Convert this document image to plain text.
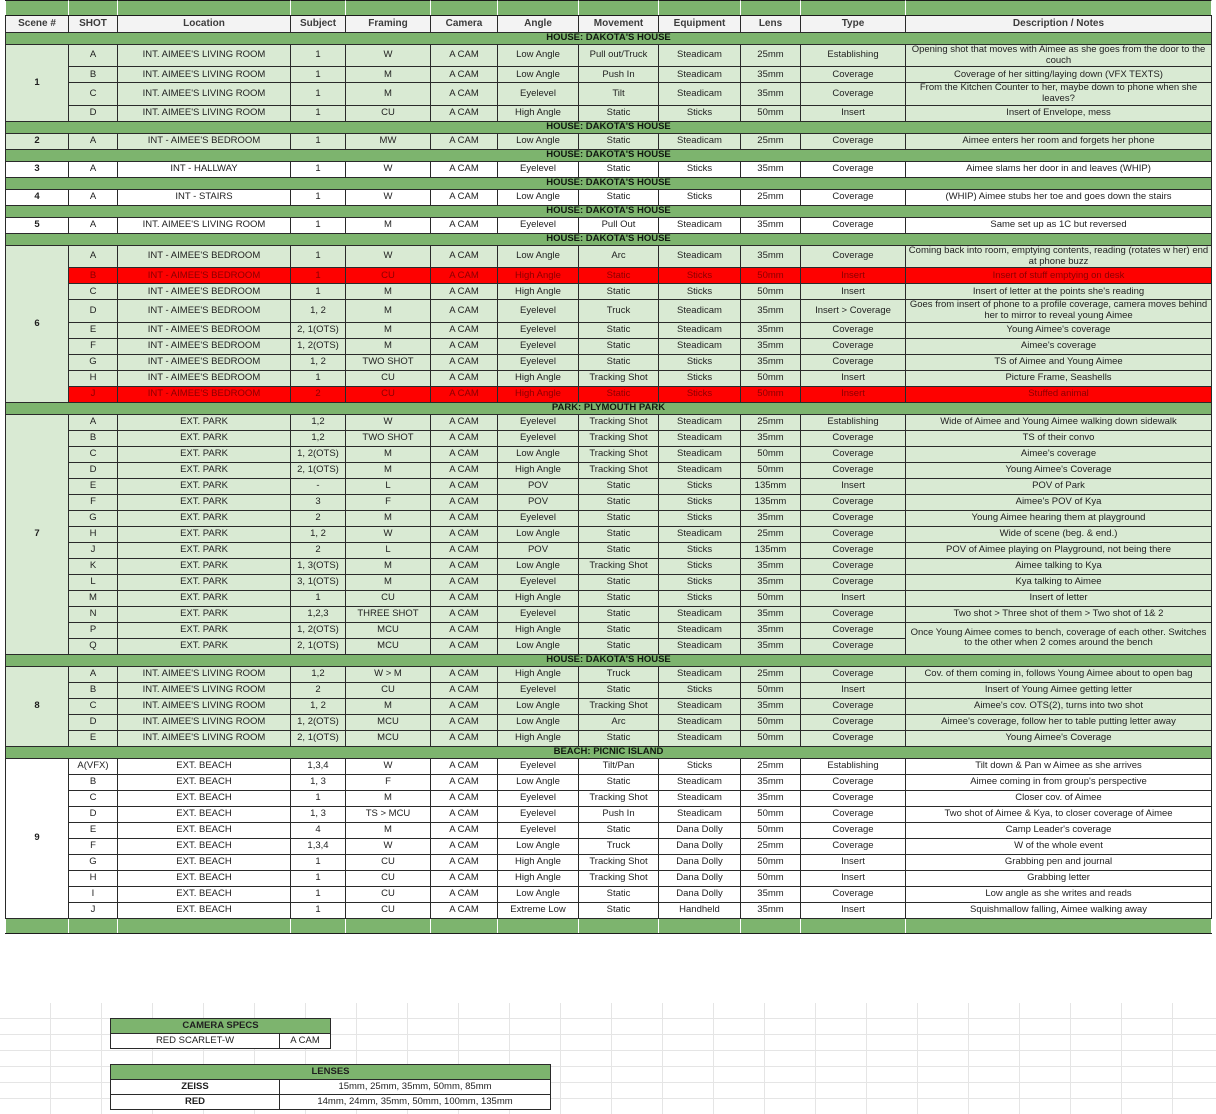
Scene #	SHOT	Location	Subject	Framing	Camera	Angle	Movement	Equipment	Lens	Type	Description / Notes
HOUSE: DAKOTA'S HOUSE											
1	A	INT. AIMEE'S LIVING ROOM	1	W	A CAM	Low Angle	Pull out/Truck	Steadicam	25mm	Establishing	Opening shot that moves with Aimee as she goes from the door to the couch
	B	INT. AIMEE'S LIVING ROOM	1	M	A CAM	Low Angle	Push In	Steadicam	35mm	Coverage	Coverage of her sitting/laying down (VFX TEXTS)
	C	INT. AIMEE'S LIVING ROOM	1	M	A CAM	Eyelevel	Tilt	Steadicam	35mm	Coverage	From the Kitchen Counter to her, maybe down to phone when she leaves?
	D	INT. AIMEE'S LIVING ROOM	1	CU	A CAM	High Angle	Static	Sticks	50mm	Insert	Insert of Envelope, mess
HOUSE: DAKOTA'S HOUSE											
2	A	INT - AIMEE'S BEDROOM	1	MW	A CAM	Low Angle	Static	Steadicam	25mm	Coverage	Aimee enters her room and forgets her phone
HOUSE: DAKOTA'S HOUSE											
3	A	INT - HALLWAY	1	W	A CAM	Eyelevel	Static	Sticks	35mm	Coverage	Aimee slams her door in and leaves (WHIP)
HOUSE: DAKOTA'S HOUSE											
4	A	INT - STAIRS	1	W	A CAM	Low Angle	Static	Sticks	25mm	Coverage	(WHIP) Aimee stubs her toe and goes down the stairs
HOUSE: DAKOTA'S HOUSE											
5	A	INT. AIMEE'S LIVING ROOM	1	M	A CAM	Eyelevel	Pull Out	Steadicam	35mm	Coverage	Same set up as 1C but reversed
HOUSE: DAKOTA'S HOUSE											
6	A	INT - AIMEE'S BEDROOM	1	W	A CAM	Low Angle	Arc	Steadicam	35mm	Coverage	Coming back into room, emptying contents, reading (rotates w her) end at phone buzz
	B	INT - AIMEE'S BEDROOM	1	CU	A CAM	High Angle	Static	Sticks	50mm	Insert	Insert of stuff emptying on desk
	C	INT - AIMEE'S BEDROOM	1	M	A CAM	High Angle	Static	Sticks	50mm	Insert	Insert of letter at the points she's reading
	D	INT - AIMEE'S BEDROOM	1, 2	M	A CAM	Eyelevel	Truck	Steadicam	35mm	Insert > Coverage	Goes from insert of phone to a profile coverage, camera moves behind her to mirror to reveal young Aimee
	E	INT - AIMEE'S BEDROOM	2, 1(OTS)	M	A CAM	Eyelevel	Static	Steadicam	35mm	Coverage	Young Aimee's coverage
	F	INT - AIMEE'S BEDROOM	1, 2(OTS)	M	A CAM	Eyelevel	Static	Steadicam	35mm	Coverage	Aimee's coverage
	G	INT - AIMEE'S BEDROOM	1, 2	TWO SHOT	A CAM	Eyelevel	Static	Sticks	35mm	Coverage	TS of Aimee and Young Aimee
	H	INT - AIMEE'S BEDROOM	1	CU	A CAM	High Angle	Tracking Shot	Sticks	50mm	Insert	Picture Frame, Seashells
	J	INT - AIMEE'S BEDROOM	2	CU	A CAM	High Angle	Static	Sticks	50mm	Insert	Stuffed animal
PARK: PLYMOUTH PARK											
7	A	EXT. PARK	1,2	W	A CAM	Eyelevel	Tracking Shot	Steadicam	25mm	Establishing	Wide of Aimee and Young Aimee walking down sidewalk
	B	EXT. PARK	1,2	TWO SHOT	A CAM	Eyelevel	Tracking Shot	Steadicam	35mm	Coverage	TS of their convo
	C	EXT. PARK	1, 2(OTS)	M	A CAM	Low Angle	Tracking Shot	Steadicam	50mm	Coverage	Aimee's coverage
	D	EXT. PARK	2, 1(OTS)	M	A CAM	High Angle	Tracking Shot	Steadicam	50mm	Coverage	Young Aimee's Coverage
	E	EXT. PARK	-	L	A CAM	POV	Static	Sticks	135mm	Insert	POV of Park
	F	EXT. PARK	3	F	A CAM	POV	Static	Sticks	135mm	Coverage	Aimee's POV of Kya
	G	EXT. PARK	2	M	A CAM	Eyelevel	Static	Sticks	35mm	Coverage	Young Aimee hearing them at playground
	H	EXT. PARK	1, 2	W	A CAM	Low Angle	Static	Steadicam	25mm	Coverage	Wide of scene (beg. & end.)
	J	EXT. PARK	2	L	A CAM	POV	Static	Sticks	135mm	Coverage	POV of Aimee playing on Playground, not being there
	K	EXT. PARK	1, 3(OTS)	M	A CAM	Low Angle	Tracking Shot	Sticks	35mm	Coverage	Aimee talking to Kya
	L	EXT. PARK	3, 1(OTS)	M	A CAM	Eyelevel	Static	Sticks	35mm	Coverage	Kya talking to Aimee
	M	EXT. PARK	1	CU	A CAM	High Angle	Static	Sticks	50mm	Insert	Insert of letter
	N	EXT. PARK	1,2,3	THREE SHOT	A CAM	Eyelevel	Static	Steadicam	35mm	Coverage	Two shot > Three shot of them > Two shot of 1& 2
	P	EXT. PARK	1, 2(OTS)	MCU	A CAM	High Angle	Static	Steadicam	35mm	Coverage	Once Young Aimee comes to bench, coverage of each other. Switches to the other when 2 comes around the bench
	Q	EXT. PARK	2, 1(OTS)	MCU	A CAM	Low Angle	Static	Steadicam	35mm	Coverage	
HOUSE: DAKOTA'S HOUSE											
8	A	INT. AIMEE'S LIVING ROOM	1,2	W > M	A CAM	High Angle	Truck	Steadicam	25mm	Coverage	Cov. of them coming in, follows Young Aimee about to open bag
	B	INT. AIMEE'S LIVING ROOM	2	CU	A CAM	Eyelevel	Static	Sticks	50mm	Insert	Insert of Young Aimee getting letter
	C	INT. AIMEE'S LIVING ROOM	1, 2	M	A CAM	Low Angle	Tracking Shot	Steadicam	35mm	Coverage	Aimee's cov. OTS(2), turns into two shot
	D	INT. AIMEE'S LIVING ROOM	1, 2(OTS)	MCU	A CAM	Low Angle	Arc	Steadicam	50mm	Coverage	Aimee's coverage, follow her to table putting letter away
	E	INT. AIMEE'S LIVING ROOM	2, 1(OTS)	MCU	A CAM	High Angle	Static	Steadicam	50mm	Coverage	Young Aimee's Coverage
BEACH: PICNIC ISLAND											
9	A(VFX)	EXT. BEACH	1,3,4	W	A CAM	Eyelevel	Tilt/Pan	Sticks	25mm	Establishing	Tilt down & Pan w Aimee as she arrives
	B	EXT. BEACH	1, 3	F	A CAM	Low Angle	Static	Steadicam	35mm	Coverage	Aimee coming in from group's perspective
	C	EXT. BEACH	1	M	A CAM	Eyelevel	Tracking Shot	Steadicam	35mm	Coverage	Closer cov. of Aimee
	D	EXT. BEACH	1, 3	TS > MCU	A CAM	Eyelevel	Push In	Steadicam	50mm	Coverage	Two shot of Aimee & Kya, to closer coverage of Aimee
	E	EXT. BEACH	4	M	A CAM	Eyelevel	Static	Dana Dolly	50mm	Coverage	Camp Leader's coverage
	F	EXT. BEACH	1,3,4	W	A CAM	Low Angle	Truck	Dana Dolly	25mm	Coverage	W of the whole event
	G	EXT. BEACH	1	CU	A CAM	High Angle	Tracking Shot	Dana Dolly	50mm	Insert	Grabbing pen and journal
	H	EXT. BEACH	1	CU	A CAM	High Angle	Tracking Shot	Dana Dolly	50mm	Insert	Grabbing letter
	I	EXT. BEACH	1	CU	A CAM	Low Angle	Static	Dana Dolly	35mm	Coverage	Low angle as she writes and reads
	J	EXT. BEACH	1	CU	A CAM	Extreme Low	Static	Handheld	35mm	Insert	Squishmallow falling, Aimee walking away

CAMERA SPECS
RED SCARLET-W	A CAM
LENSES	
ZEISS	15mm, 25mm, 35mm, 50mm, 85mm
RED	14mm, 24mm, 35mm, 50mm, 100mm, 135mm
